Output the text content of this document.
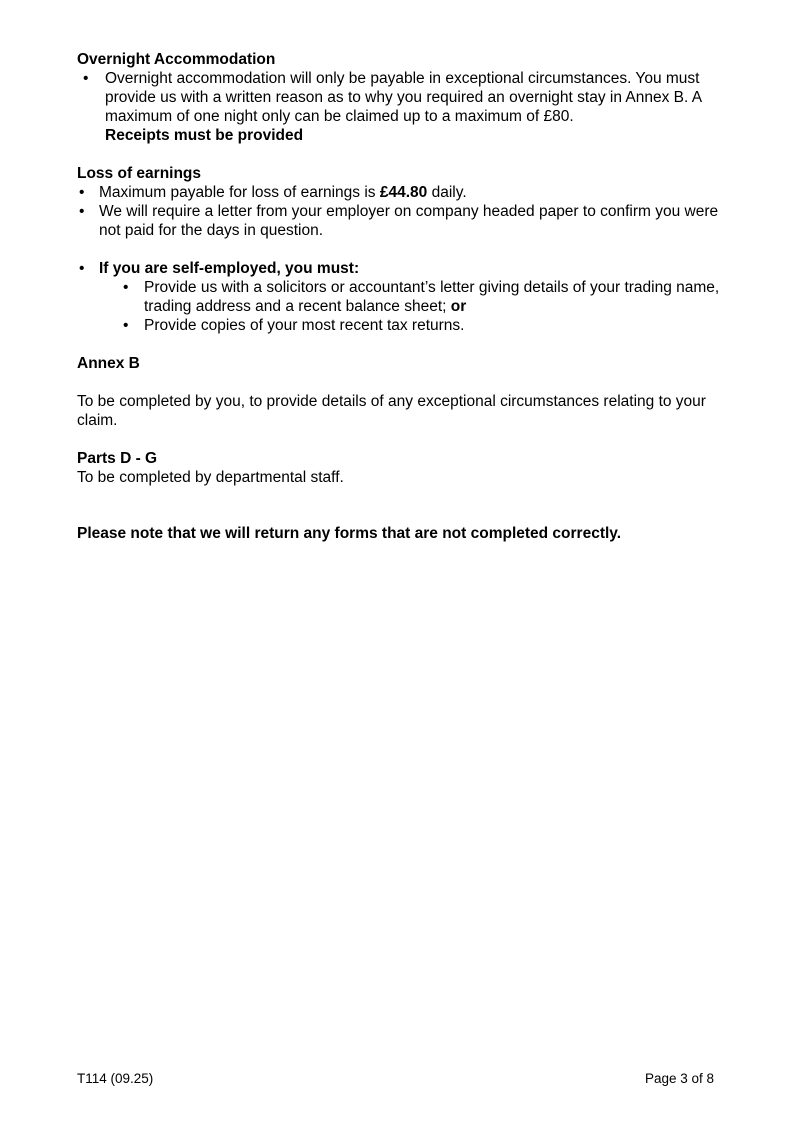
Overnight Accommodation

• Overnight accommodation will only be payable in exceptional circumstances. You must provide us with a written reason as to why you required an overnight stay in Annex B. A maximum of one night only can be claimed up to a maximum of £80.
Receipts must be provided

Loss of earnings

• Maximum payable for loss of earnings is £44.80 daily.
• We will require a letter from your employer on company headed paper to confirm you were not paid for the days in question.
• If you are self-employed, you must:
• Provide us with a solicitors or accountant’s letter giving details of your trading name, trading address and a recent balance sheet; or
• Provide copies of your most recent tax returns.

Annex B

To be completed by you, to provide details of any exceptional circumstances relating to your claim.

Parts D - G

To be completed by departmental staff.

Please note that we will return any forms that are not completed correctly.

T114 (09.25)	Page 3 of 8
